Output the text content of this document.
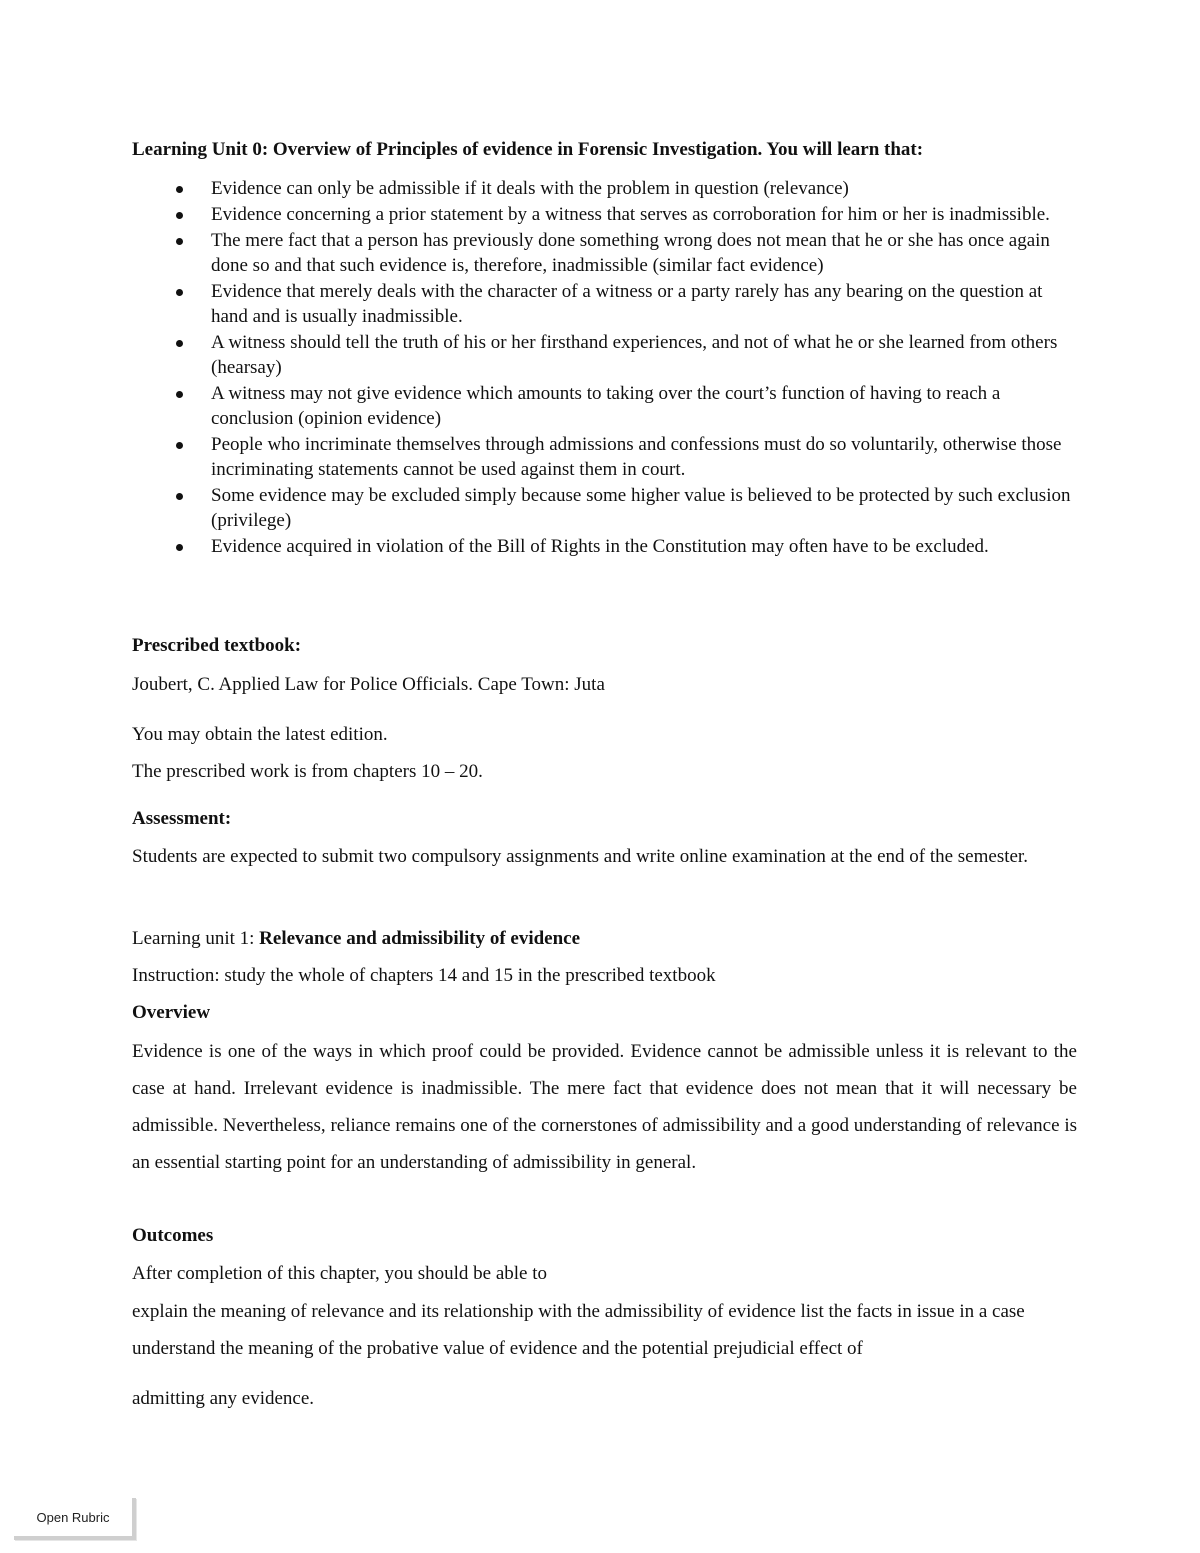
Learning Unit 0: Overview of Principles of evidence in Forensic Investigation. You will learn that:

Evidence can only be admissible if it deals with the problem in question (relevance)
Evidence concerning a prior statement by a witness that serves as corroboration for him or her is inadmissible.
The mere fact that a person has previously done something wrong does not mean that he or she has once again done so and that such evidence is, therefore, inadmissible (similar fact evidence)
Evidence that merely deals with the character of a witness or a party rarely has any bearing on the question at hand and is usually inadmissible.
A witness should tell the truth of his or her firsthand experiences, and not of what he or she learned from others (hearsay)
A witness may not give evidence which amounts to taking over the court’s function of having to reach a conclusion (opinion evidence)
People who incriminate themselves through admissions and confessions must do so voluntarily, otherwise those incriminating statements cannot be used against them in court.
Some evidence may be excluded simply because some higher value is believed to be protected by such exclusion (privilege)
Evidence acquired in violation of the Bill of Rights in the Constitution may often have to be excluded.

Prescribed textbook:

Joubert, C. Applied Law for Police Officials. Cape Town: Juta

You may obtain the latest edition.

The prescribed work is from chapters 10 – 20.

Assessment:

Students are expected to submit two compulsory assignments and write online examination at the end of the semester.

Learning unit 1: Relevance and admissibility of evidence

Instruction: study the whole of chapters 14 and 15 in the prescribed textbook

Overview

Evidence is one of the ways in which proof could be provided. Evidence cannot be admissible unless it is relevant to the case at hand. Irrelevant evidence is inadmissible. The mere fact that evidence does not mean that it will necessary be admissible. Nevertheless, reliance remains one of the cornerstones of admissibility and a good understanding of relevance is an essential starting point for an understanding of admissibility in general.

Outcomes

After completion of this chapter, you should be able to

explain the meaning of relevance and its relationship with the admissibility of evidence list the facts in issue in a case understand the meaning of the probative value of evidence and the potential prejudicial effect of

admitting any evidence.

Open Rubric
